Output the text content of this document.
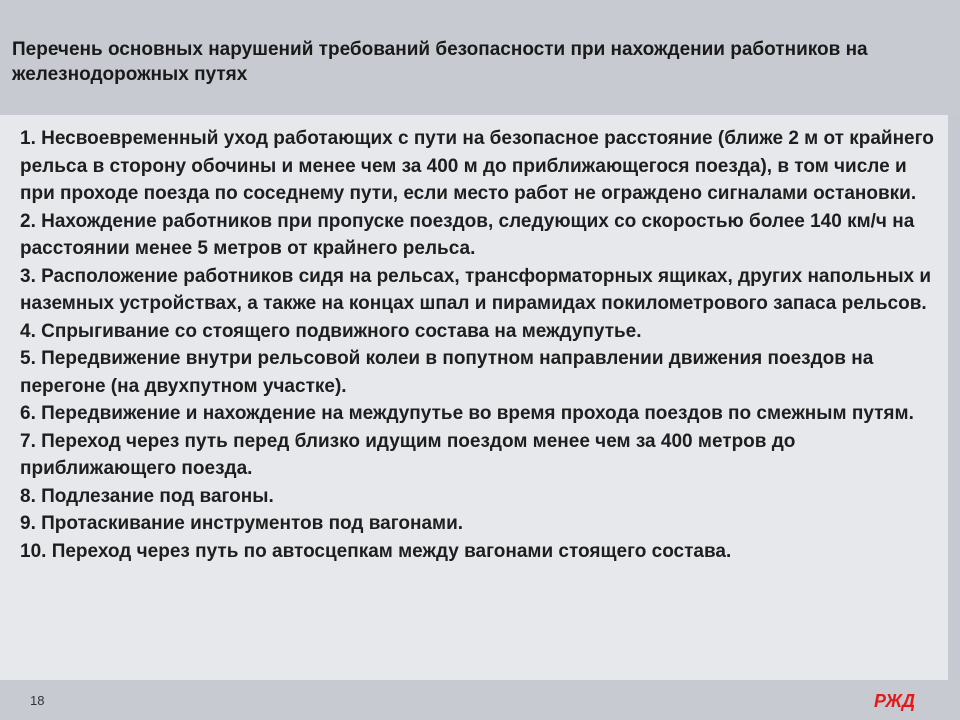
Перечень основных нарушений требований безопасности при нахождении работников на железнодорожных путях
1. Несвоевременный уход работающих с пути на безопасное расстояние (ближе 2 м от крайнего рельса в сторону обочины и менее чем за 400 м до приближающегося поезда), в том числе и при проходе поезда по соседнему пути, если место работ не ограждено сигналами остановки.
2. Нахождение работников при пропуске поездов, следующих со скоростью более 140 км/ч на расстоянии менее 5 метров от крайнего рельса.
3. Расположение работников сидя на рельсах, трансформаторных ящиках, других напольных и наземных устройствах, а также на концах шпал и пирамидах покилометрового запаса рельсов.
4. Спрыгивание со стоящего подвижного состава на междупутье.
5. Передвижение внутри рельсовой колеи в попутном направлении движения поездов на перегоне (на двухпутном участке).
6. Передвижение и нахождение на междупутье во время прохода поездов по смежным путям.
7. Переход через путь перед близко идущим поездом менее чем за 400 метров до приближающего поезда.
8. Подлезание под вагоны.
9. Протаскивание инструментов под вагонами.
10. Переход через путь по автосцепкам между вагонами стоящего состава.
18	РЖД
